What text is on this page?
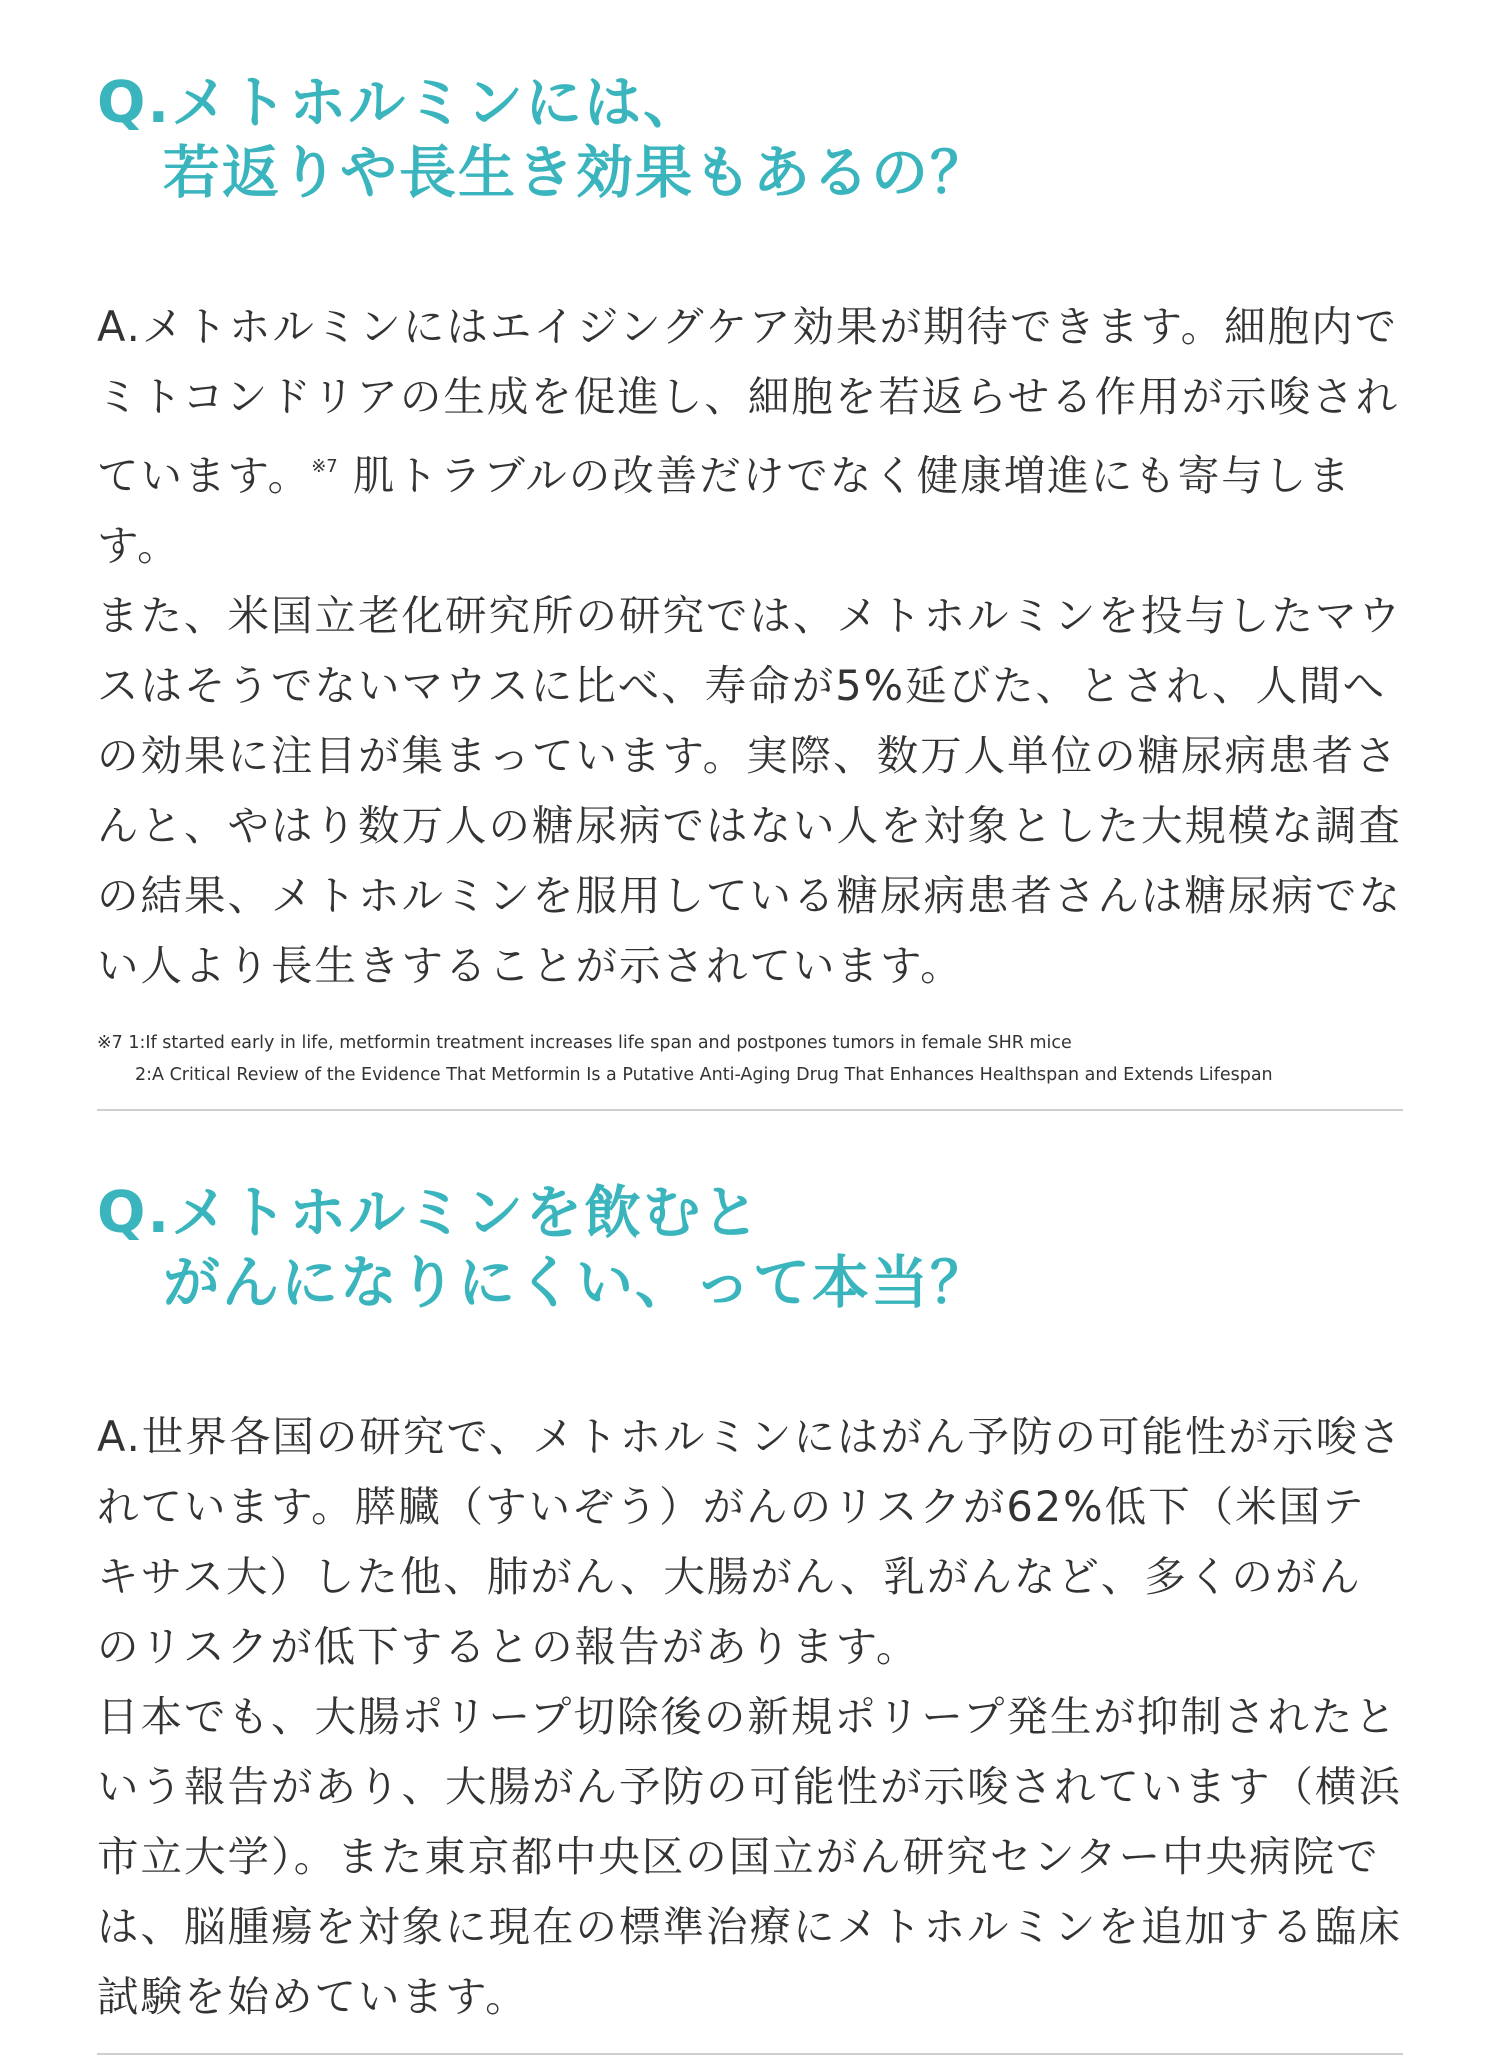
Q.メトホルミンには、
若返りや長生き効果もあるの？
A.メトホルミンにはエイジングケア効果が期待できます。細胞内でミトコンドリアの生成を促進し、細胞を若返らせる作用が示唆されています。$^{※7}$ 肌トラブルの改善だけでなく健康増進にも寄与します。
また、米国立老化研究所の研究では、メトホルミンを投与したマウスはそうでないマウスに比べ、寿命が5%延びた、とされ、人間への効果に注目が集まっています。実際、数万人単位の糖尿病患者さんと、やはり数万人の糖尿病ではない人を対象とした大規模な調査の結果、メトホルミンを服用している糖尿病患者さんは糖尿病でない人より長生きすることが示されています。
※7 1:If started early in life, metformin treatment increases life span and postpones tumors in female SHR mice
2:A Critical Review of the Evidence That Metformin Is a Putative Anti-Aging Drug That Enhances Healthspan and Extends Lifespan
Q.メトホルミンを飲むと
がんになりにくい、って本当？
A.世界各国の研究で、メトホルミンにはがん予防の可能性が示唆されています。膵臓（すいぞう）がんのリスクが62%低下（米国テキサス大）した他、肺がん、大腸がん、乳がんなど、多くのがんのリスクが低下するとの報告があります。
日本でも、大腸ポリープ切除後の新規ポリープ発生が抑制されたという報告があり、大腸がん予防の可能性が示唆されています（横浜市立大学）。また東京都中央区の国立がん研究センター中央病院では、脳腫瘍を対象に現在の標準治療にメトホルミンを追加する臨床試験を始めています。
